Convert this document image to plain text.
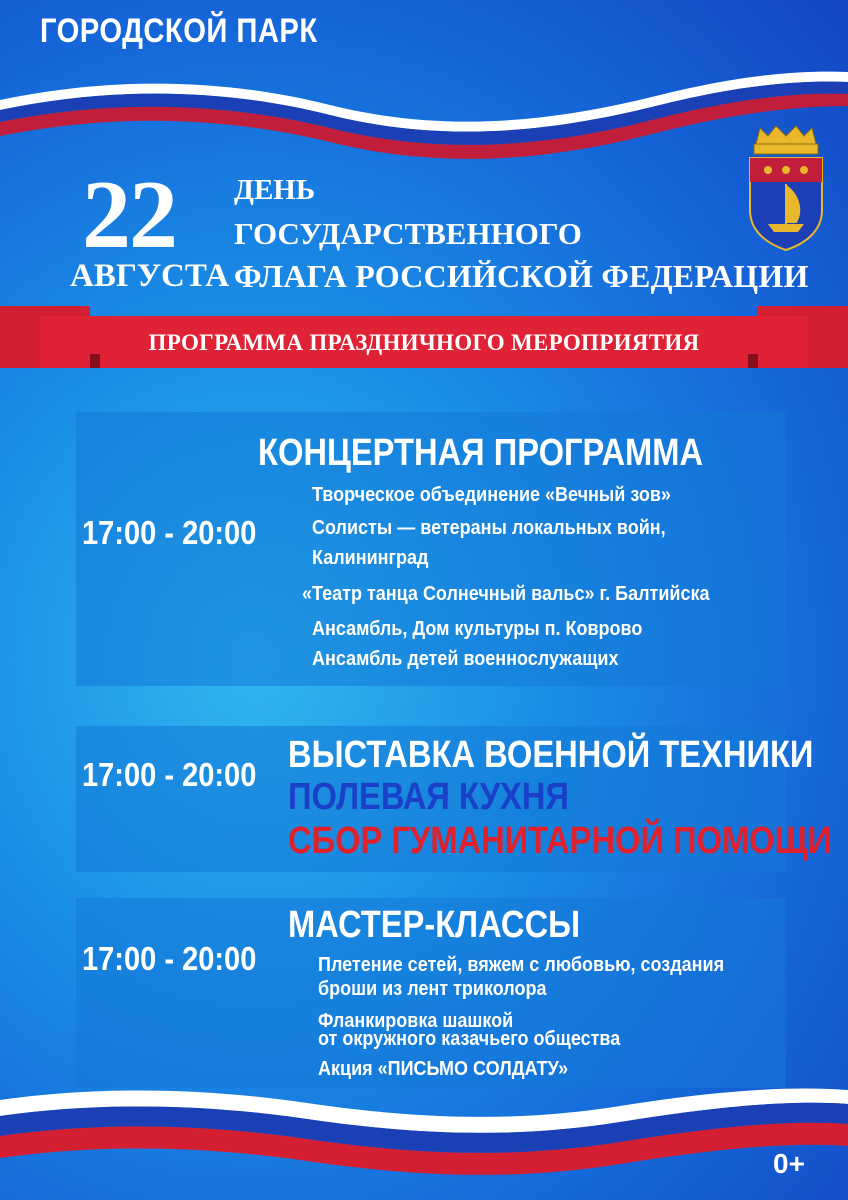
ГОРОДСКОЙ ПАРК
22
АВГУСТА
ДЕНЬ
ГОСУДАРСТВЕННОГО
ФЛАГА РОССИЙСКОЙ ФЕДЕРАЦИИ
ПРОГРАММА ПРАЗДНИЧНОГО МЕРОПРИЯТИЯ
КОНЦЕРТНАЯ ПРОГРАММА
17:00 - 20:00
Творческое объединение «Вечный зов»
Солисты — ветераны локальных войн,
Калининград
«Театр танца Солнечный вальс» г. Балтийска
Ансамбль, Дом культуры п. Коврово
Ансамбль детей военнослужащих
17:00 - 20:00 ВЫСТАВКА ВОЕННОЙ ТЕХНИКИ
ПОЛЕВАЯ КУХНЯ
СБОР ГУМАНИТАРНОЙ ПОМОЩИ
МАСТЕР-КЛАССЫ
17:00 - 20:00	Плетение сетей, вяжем с любовью, создания
броши из лент триколора
Фланкировка шашкой
от окружного казачьего общества
Акция «ПИСЬМО СОЛДАТУ»
0+
